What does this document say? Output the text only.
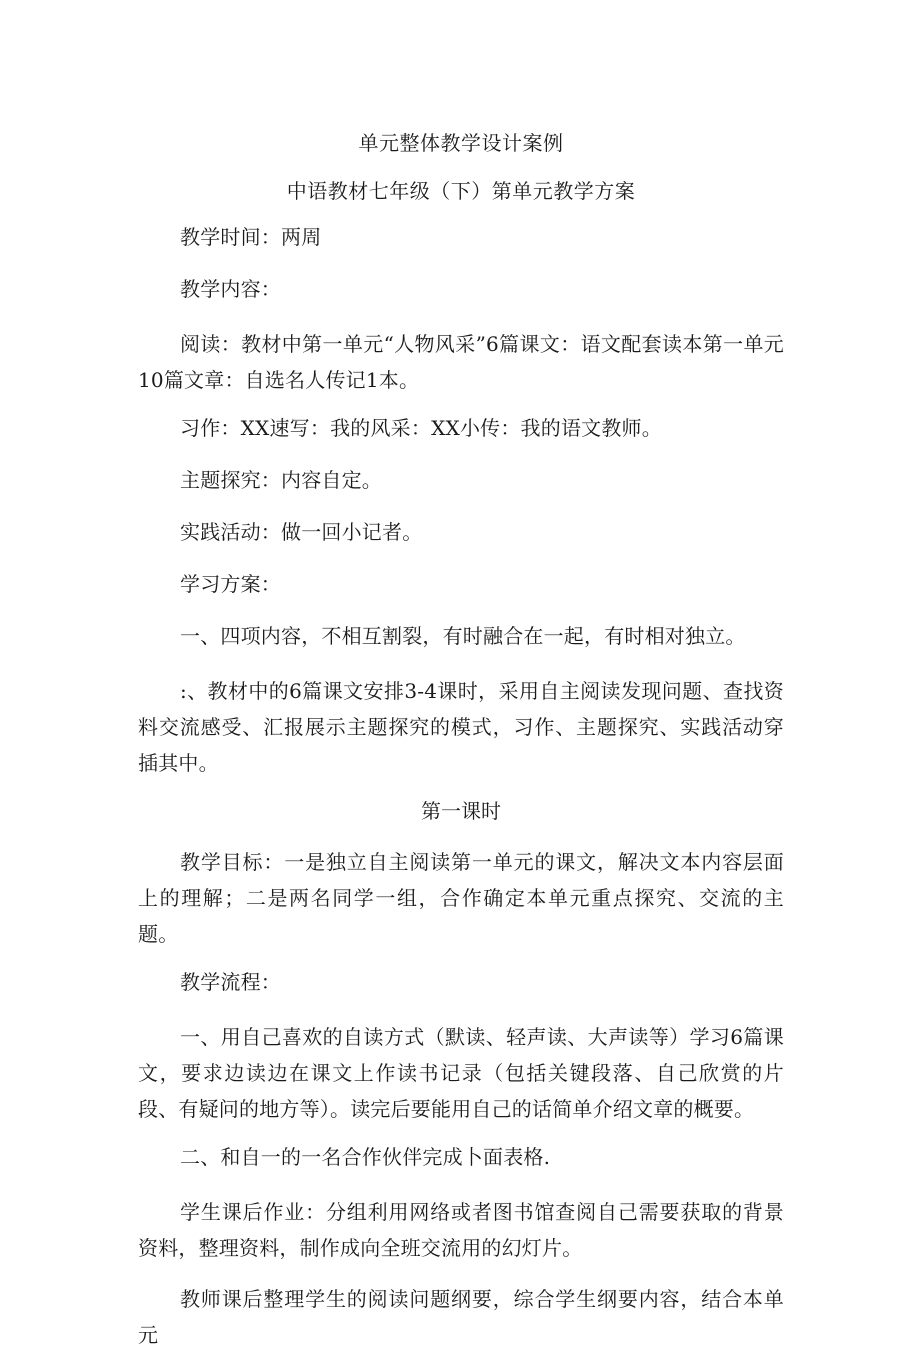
单元整体教学设计案例
中语教材七年级（下）第单元教学方案

教学时间：两周

教学内容：

阅读：教材中第一单元“人物风采”6篇课文：语文配套读本第一单元10篇文章：自选名人传记1本。

习作：XX速写：我的风采：XX小传：我的语文教师。

主题探究：内容自定。

实践活动：做一回小记者。

学习方案：

一、四项内容，不相互割裂，有时融合在一起，有时相对独立。

:、教材中的6篇课文安排3-4课时，采用自主阅读发现问题、查找资料交流感受、汇报展示主题探究的模式，习作、主题探究、实践活动穿插其中。

第一课时

教学目标：一是独立自主阅读第一单元的课文，解决文本内容层面上的理解；二是两名同学一组，合作确定本单元重点探究、交流的主题。

教学流程：

一、用自己喜欢的自读方式（默读、轻声读、大声读等）学习6篇课文，要求边读边在课文上作读书记录（包括关键段落、自己欣赏的片段、有疑问的地方等）。读完后要能用自己的话简单介绍文章的概要。

二、和自一的一名合作伙伴完成卜面表格.

学生课后作业：分组利用网络或者图书馆查阅自己需要获取的背景资料，整理资料，制作成向全班交流用的幻灯片。

教师课后整理学生的阅读问题纲要，综合学生纲要内容，结合本单元
